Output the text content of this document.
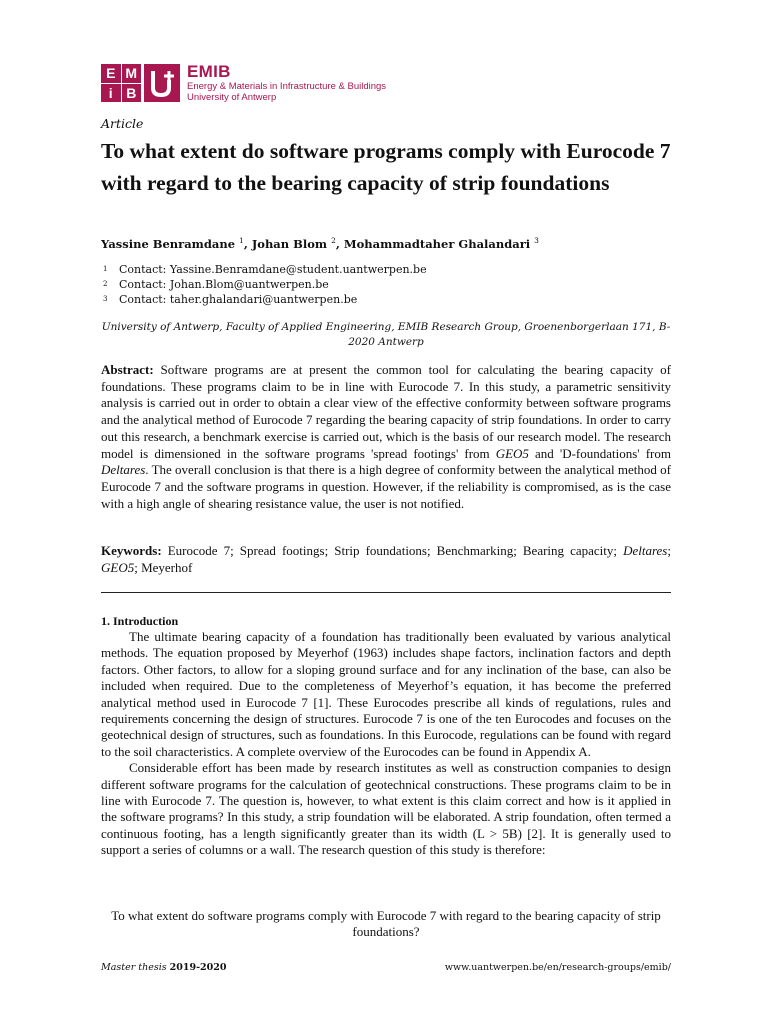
E M
i B
EMIB
Energy & Materials in Infrastructure & Buildings
University of Antwerp
Article
To what extent do software programs comply with Eurocode 7 with regard to the bearing capacity of strip foundations
Yassine Benramdane $^1$, Johan Blom $^2$, Mohammadtaher Ghalandari $^3$
1	Contact: Yassine.Benramdane@student.uantwerpen.be
2	Contact: Johan.Blom@uantwerpen.be
3	Contact: taher.ghalandari@uantwerpen.be
University of Antwerp, Faculty of Applied Engineering, EMIB Research Group, Groenenborgerlaan 171, B-2020 Antwerp
Abstract: Software programs are at present the common tool for calculating the bearing capacity of foundations. These programs claim to be in line with Eurocode 7. In this study, a parametric sensitivity analysis is carried out in order to obtain a clear view of the effective conformity between software programs and the analytical method of Eurocode 7 regarding the bearing capacity of strip foundations. In order to carry out this research, a benchmark exercise is carried out, which is the basis of our research model. The research model is dimensioned in the software programs 'spread footings' from GEO5 and 'D-foundations' from Deltares. The overall conclusion is that there is a high degree of conformity between the analytical method of Eurocode 7 and the software programs in question. However, if the reliability is compromised, as is the case with a high angle of shearing resistance value, the user is not notified.
Keywords: Eurocode 7; Spread footings; Strip foundations; Benchmarking; Bearing capacity; Deltares; GEO5; Meyerhof
1. Introduction

The ultimate bearing capacity of a foundation has traditionally been evaluated by various analytical methods. The equation proposed by Meyerhof (1963) includes shape factors, inclination factors and depth factors. Other factors, to allow for a sloping ground surface and for any inclination of the base, can also be included when required. Due to the completeness of Meyerhof’s equation, it has become the preferred analytical method used in Eurocode 7 [1]. These Eurocodes prescribe all kinds of regulations, rules and requirements concerning the design of structures. Eurocode 7 is one of the ten Eurocodes and focuses on the geotechnical design of structures, such as foundations. In this Eurocode, regulations can be found with regard to the soil characteristics. A complete overview of the Eurocodes can be found in Appendix A.

Considerable effort has been made by research institutes as well as construction companies to design different software programs for the calculation of geotechnical constructions. These programs claim to be in line with Eurocode 7. The question is, however, to what extent is this claim correct and how is it applied in the software programs? In this study, a strip foundation will be elaborated. A strip foundation, often termed a continuous footing, has a length significantly greater than its width (L > 5B) [2]. It is generally used to support a series of columns or a wall. The research question of this study is therefore:

To what extent do software programs comply with Eurocode 7 with regard to the bearing capacity of strip foundations?
Master thesis 2019-2020	www.uantwerpen.be/en/research-groups/emib/
